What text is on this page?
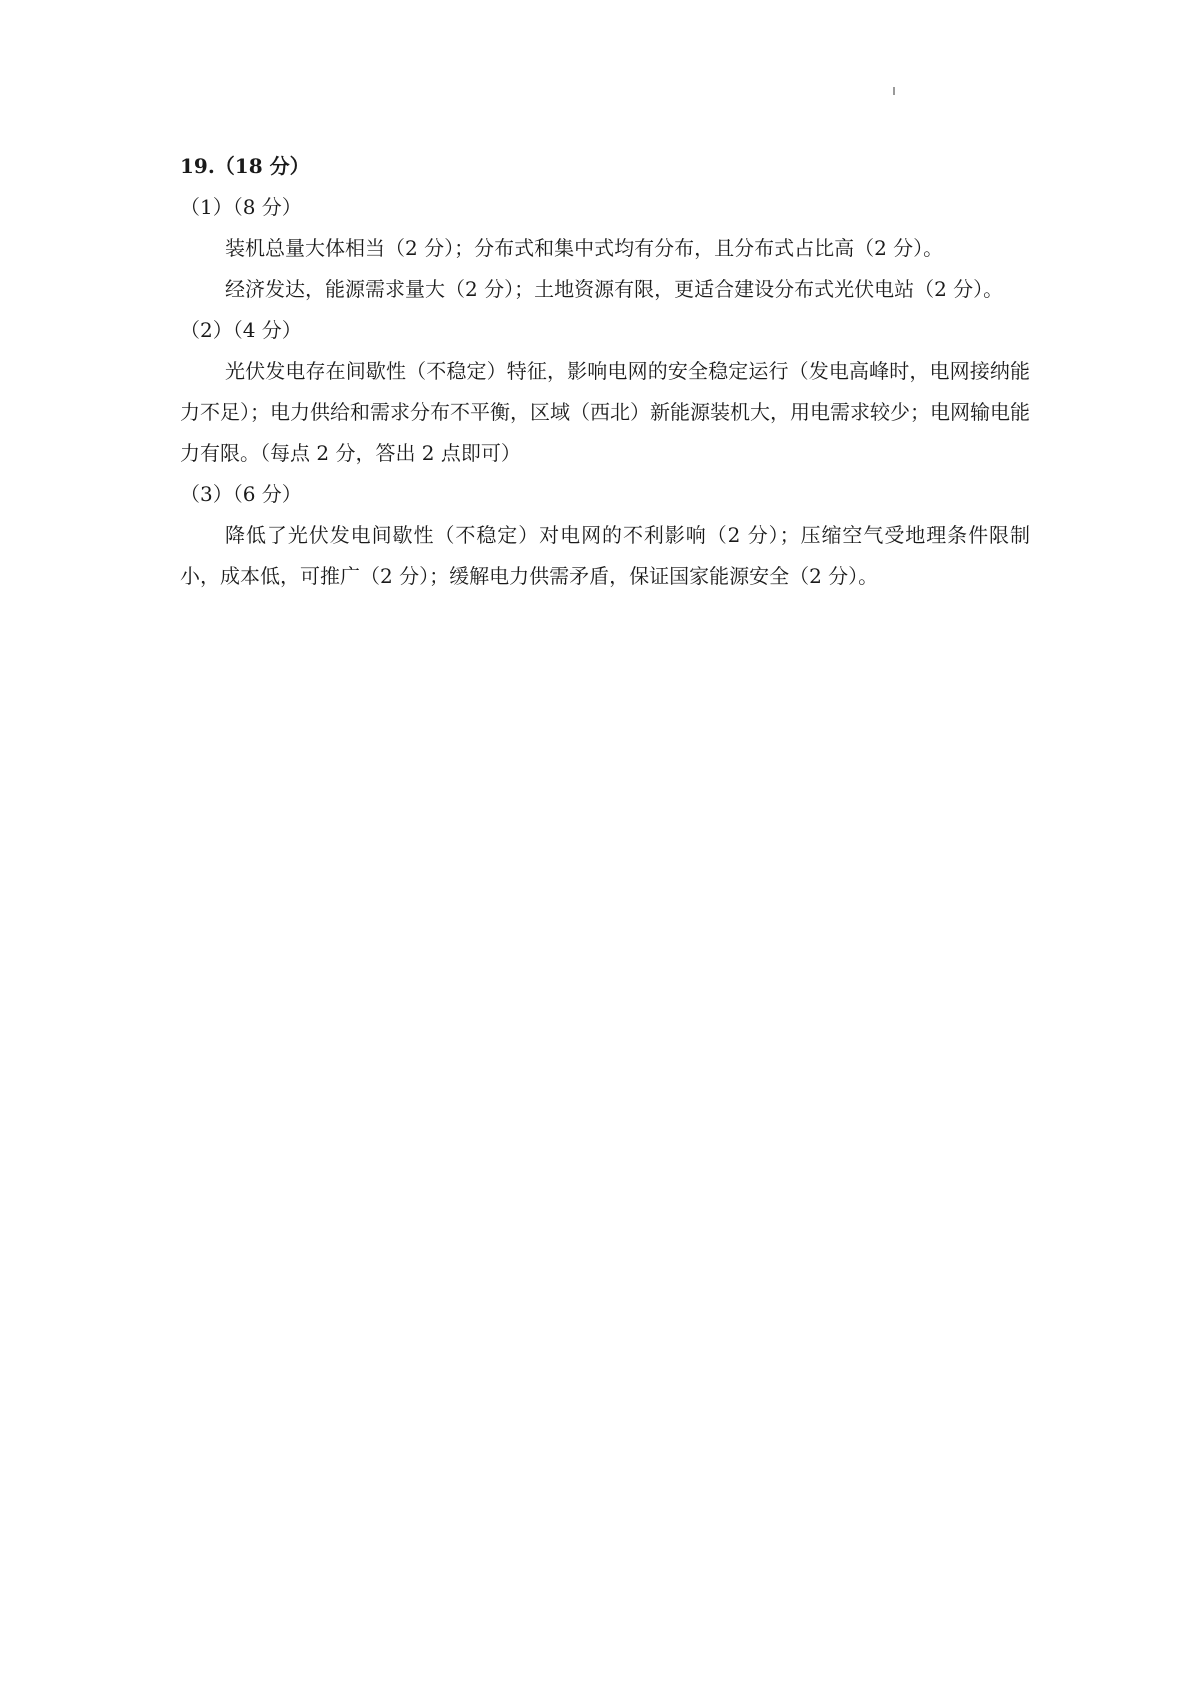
19.（18 分）
（1）（8 分）
装机总量大体相当（2 分）；分布式和集中式均有分布，且分布式占比高（2 分）。
经济发达，能源需求量大（2 分）；土地资源有限，更适合建设分布式光伏电站（2 分）。
（2）（4 分）
光伏发电存在间歇性（不稳定）特征，影响电网的安全稳定运行（发电高峰时，电网接纳能力不足）；电力供给和需求分布不平衡，区域（西北）新能源装机大，用电需求较少；电网输电能力有限。（每点 2 分，答出 2 点即可）
（3）（6 分）
降低了光伏发电间歇性（不稳定）对电网的不利影响（2 分）；压缩空气受地理条件限制小，成本低，可推广（2 分）；缓解电力供需矛盾，保证国家能源安全（2 分）。
